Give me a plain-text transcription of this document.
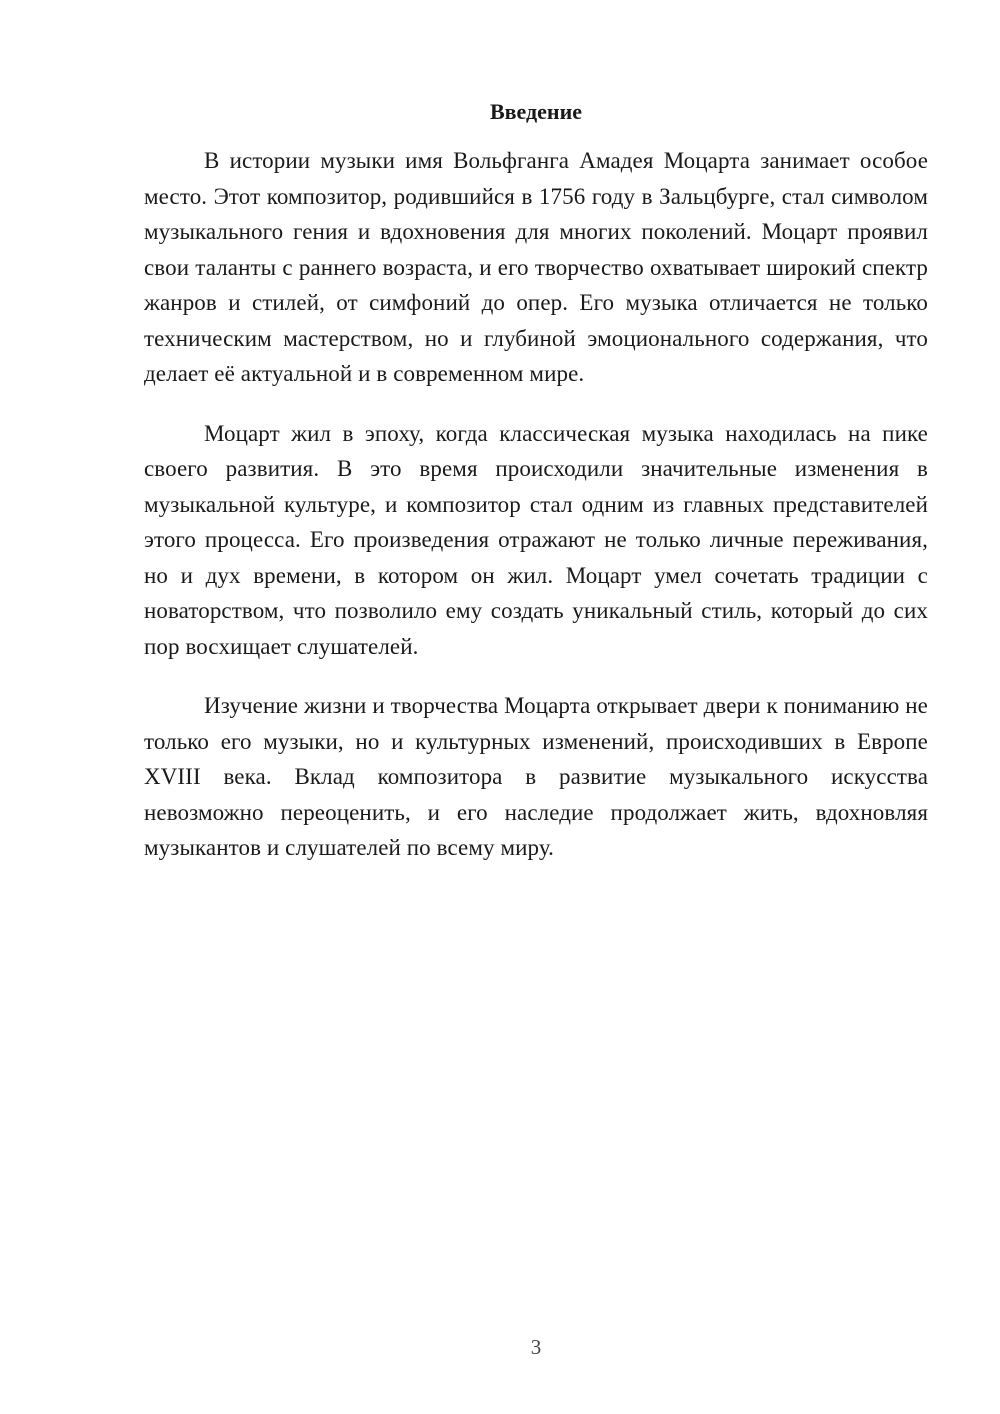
Введение

В истории музыки имя Вольфганга Амадея Моцарта занимает особое место. Этот композитор, родившийся в 1756 году в Зальцбурге, стал символом музыкального гения и вдохновения для многих поколений. Моцарт проявил свои таланты с раннего возраста, и его творчество охватывает широкий спектр жанров и стилей, от симфоний до опер. Его музыка отличается не только техническим мастерством, но и глубиной эмоционального содержания, что делает её актуальной и в современном мире.

Моцарт жил в эпоху, когда классическая музыка находилась на пике своего развития. В это время происходили значительные изменения в музыкальной культуре, и композитор стал одним из главных представителей этого процесса. Его произведения отражают не только личные переживания, но и дух времени, в котором он жил. Моцарт умел сочетать традиции с новаторством, что позволило ему создать уникальный стиль, который до сих пор восхищает слушателей.

Изучение жизни и творчества Моцарта открывает двери к пониманию не только его музыки, но и культурных изменений, происходивших в Европе XVIII века. Вклад композитора в развитие музыкального искусства невозможно переоценить, и его наследие продолжает жить, вдохновляя музыкантов и слушателей по всему миру.

3
